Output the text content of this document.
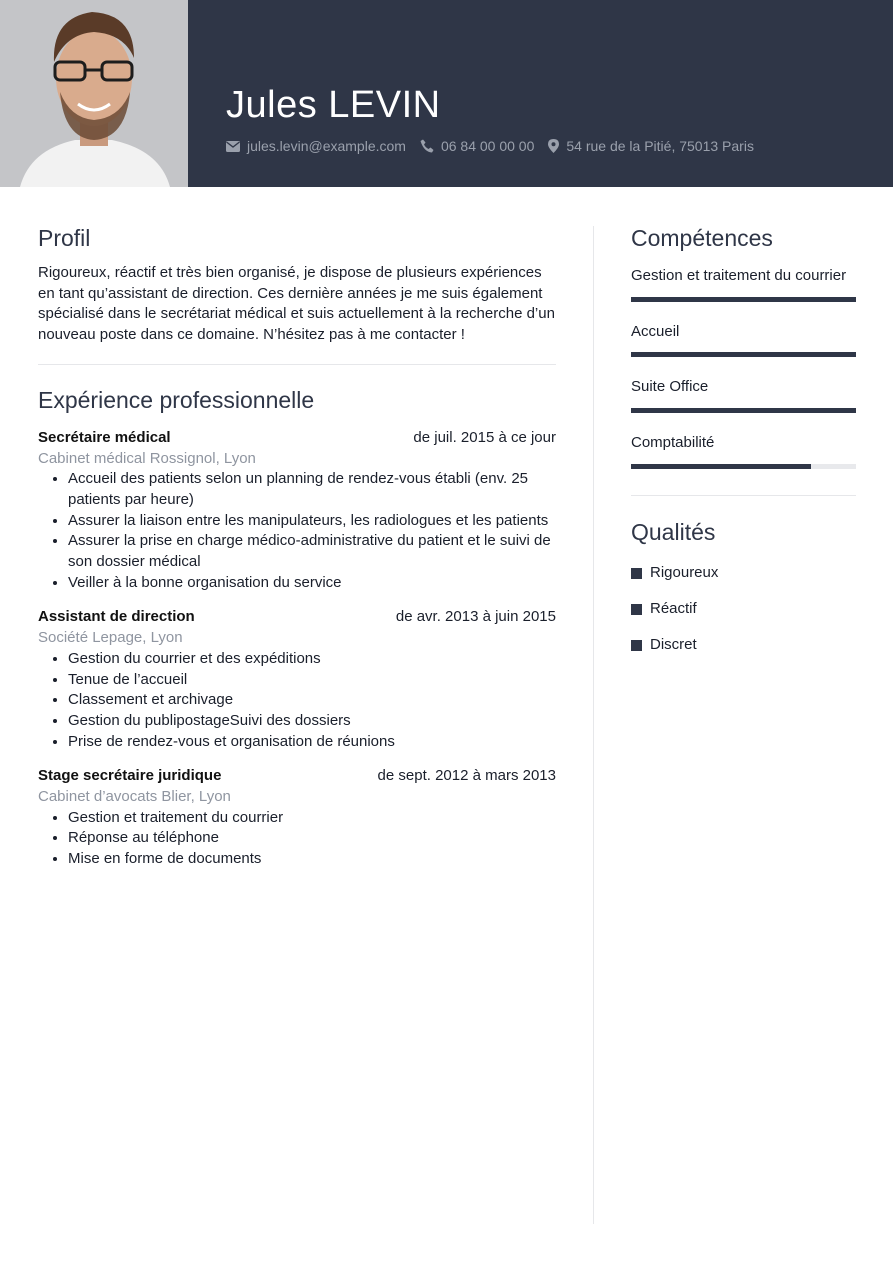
Jules LEVIN
jules.levin@example.com	06 84 00 00 00 54 rue de la Pitié, 75013 Paris
Profil

Rigoureux, réactif et très bien organisé, je dispose de plusieurs expériences en tant qu’assistant de direction. Ces dernière années je me suis également spécialisé dans le secrétariat médical et suis actuellement à la recherche d’un nouveau poste dans ce domaine. N’hésitez pas à me contacter !

Expérience professionnelle
Secrétaire médical	de juil. 2015 à ce jour
Cabinet médical Rossignol, Lyon
• Accueil des patients selon un planning de rendez-vous établi (env. 25 patients par heure)
• Assurer la liaison entre les manipulateurs, les radiologues et les patients
• Assurer la prise en charge médico-administrative du patient et le suivi de son dossier médical
• Veiller à la bonne organisation du service
Assistant de direction	de avr. 2013 à juin 2015
Société Lepage, Lyon
• Gestion du courrier et des expéditions
• Tenue de l’accueil
• Classement et archivage
• Gestion du publipostageSuivi des dossiers
• Prise de rendez-vous et organisation de réunions
Stage secrétaire juridique	de sept. 2012 à mars 2013
Cabinet d’avocats Blier, Lyon
• Gestion et traitement du courrier
• Réponse au téléphone
• Mise en forme de documents
Compétences
Gestion et traitement du courrier
Accueil
Suite Office
Comptabilité
Qualités
Rigoureux
Réactif
Discret
